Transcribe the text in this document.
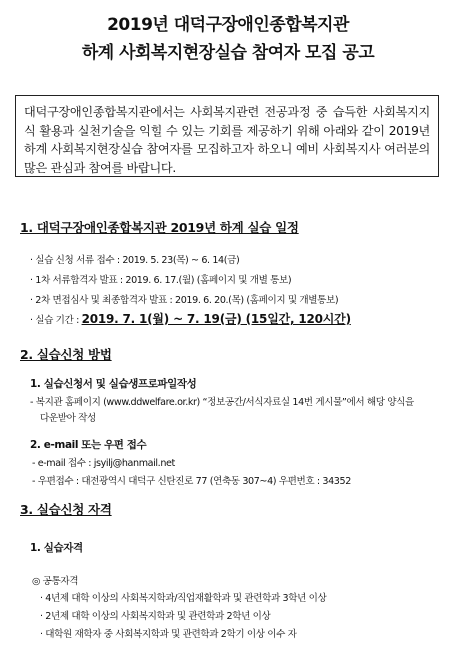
2019년 대덕구장애인종합복지관
하계 사회복지현장실습 참여자 모집 공고
대덕구장애인종합복지관에서는 사회복지관련 전공과정 중 습득한 사회복지지식 활용과 실천기술을 익힐 수 있는 기회를 제공하기 위해 아래와 같이 2019년 하계 사회복지현장실습 참여자를 모집하고자 하오니 예비 사회복지사 여러분의 많은 관심과 참여를 바랍니다.
1. 대덕구장애인종합복지관 2019년 하계 실습 일정
· 실습 신청 서류 접수 : 2019. 5. 23(목) ~ 6. 14(금)
· 1차 서류합격자 발표 : 2019. 6. 17.(월) (홈페이지 및 개별 통보)
· 2차 면접심사 및 최종합격자 발표 : 2019. 6. 20.(목) (홈페이지 및 개별통보)
· 실습 기간 : 2019. 7. 1(월) ~ 7. 19(금) (15일간, 120시간)
2. 실습신청 방법
1. 실습신청서 및 실습생프로파일작성
- 복지관 홈페이지 (www.ddwelfare.or.kr) “정보공간/서식자료실 14번 게시물”에서 해당 양식을
다운받아 작성
2. e-mail 또는 우편 접수
- e-mail 접수 : jsyilj@hanmail.net
- 우편접수 : 대전광역시 대덕구 신탄진로 77 (연축동 307~4) 우편번호 : 34352
3. 실습신청 자격
1. 실습자격
◎ 공통자격
· 4년제 대학 이상의 사회복지학과/직업재활학과 및 관련학과 3학년 이상
· 2년제 대학 이상의 사회복지학과 및 관련학과 2학년 이상
· 대학원 재학자 중 사회복지학과 및 관련학과 2학기 이상 이수 자
